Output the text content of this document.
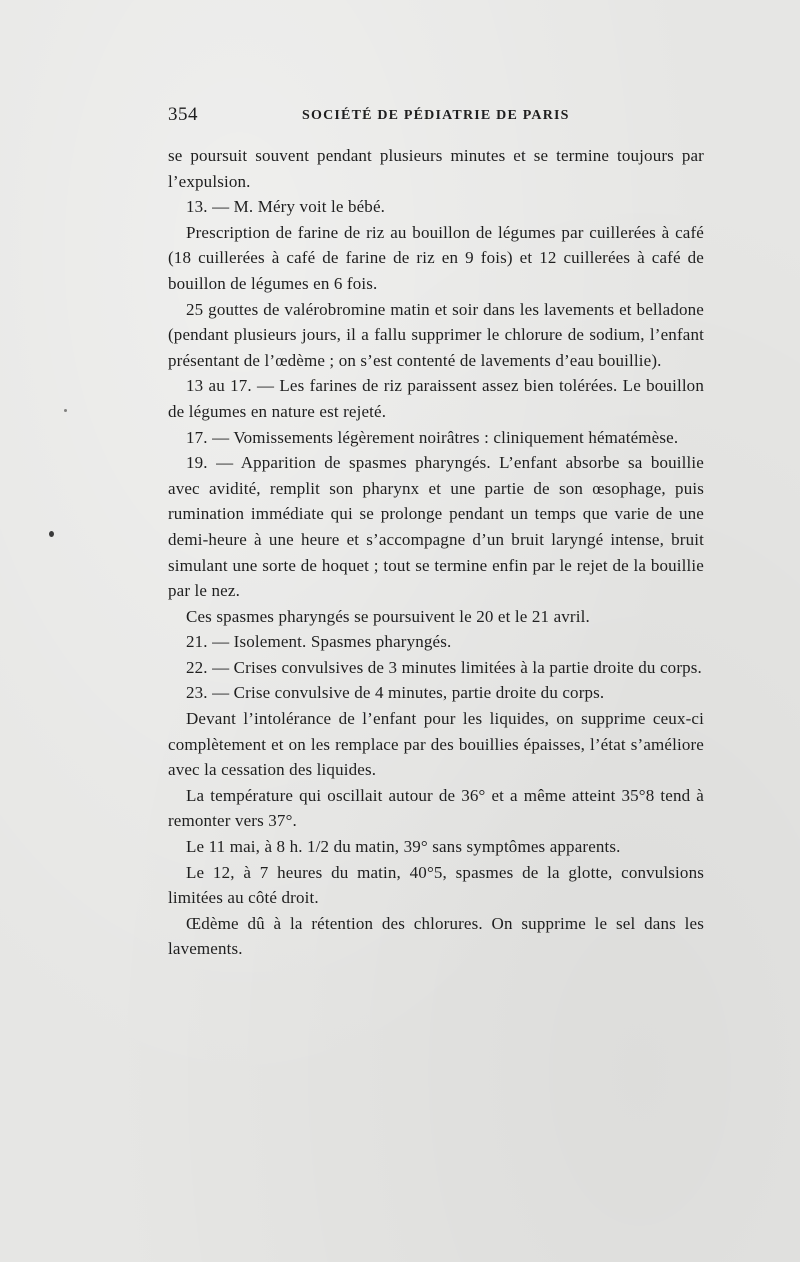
354	SOCIÉTÉ DE PÉDIATRIE DE PARIS

se poursuit souvent pendant plusieurs minutes et se termine toujours par l’expulsion.

13. — M. Méry voit le bébé.

Prescription de farine de riz au bouillon de légumes par cuillerées à café (18 cuillerées à café de farine de riz en 9 fois) et 12 cuillerées à café de bouillon de légumes en 6 fois.

25 gouttes de valérobromine matin et soir dans les lavements et belladone (pendant plusieurs jours, il a fallu supprimer le chlorure de sodium, l’enfant présentant de l’œdème ; on s’est contenté de lavements d’eau bouillie).

13 au 17. — Les farines de riz paraissent assez bien tolérées. Le bouillon de légumes en nature est rejeté.

17. — Vomissements légèrement noirâtres : cliniquement hématémèse.

19. — Apparition de spasmes pharyngés. L’enfant absorbe sa bouillie avec avidité, remplit son pharynx et une partie de son œsophage, puis rumination immédiate qui se prolonge pendant un temps que varie de une demi-heure à une heure et s’accompagne d’un bruit laryngé intense, bruit simulant une sorte de hoquet ; tout se termine enfin par le rejet de la bouillie par le nez.

Ces spasmes pharyngés se poursuivent le 20 et le 21 avril.

21. — Isolement. Spasmes pharyngés.

22. — Crises convulsives de 3 minutes limitées à la partie droite du corps.

23. — Crise convulsive de 4 minutes, partie droite du corps.

Devant l’intolérance de l’enfant pour les liquides, on supprime ceux-ci complètement et on les remplace par des bouillies épaisses, l’état s’améliore avec la cessation des liquides.

La température qui oscillait autour de 36° et a même atteint 35°8 tend à remonter vers 37°.

Le 11 mai, à 8 h. 1/2 du matin, 39° sans symptômes apparents.

Le 12, à 7 heures du matin, 40°5, spasmes de la glotte, convulsions limitées au côté droit.

Œdème dû à la rétention des chlorures. On supprime le sel dans les lavements.
